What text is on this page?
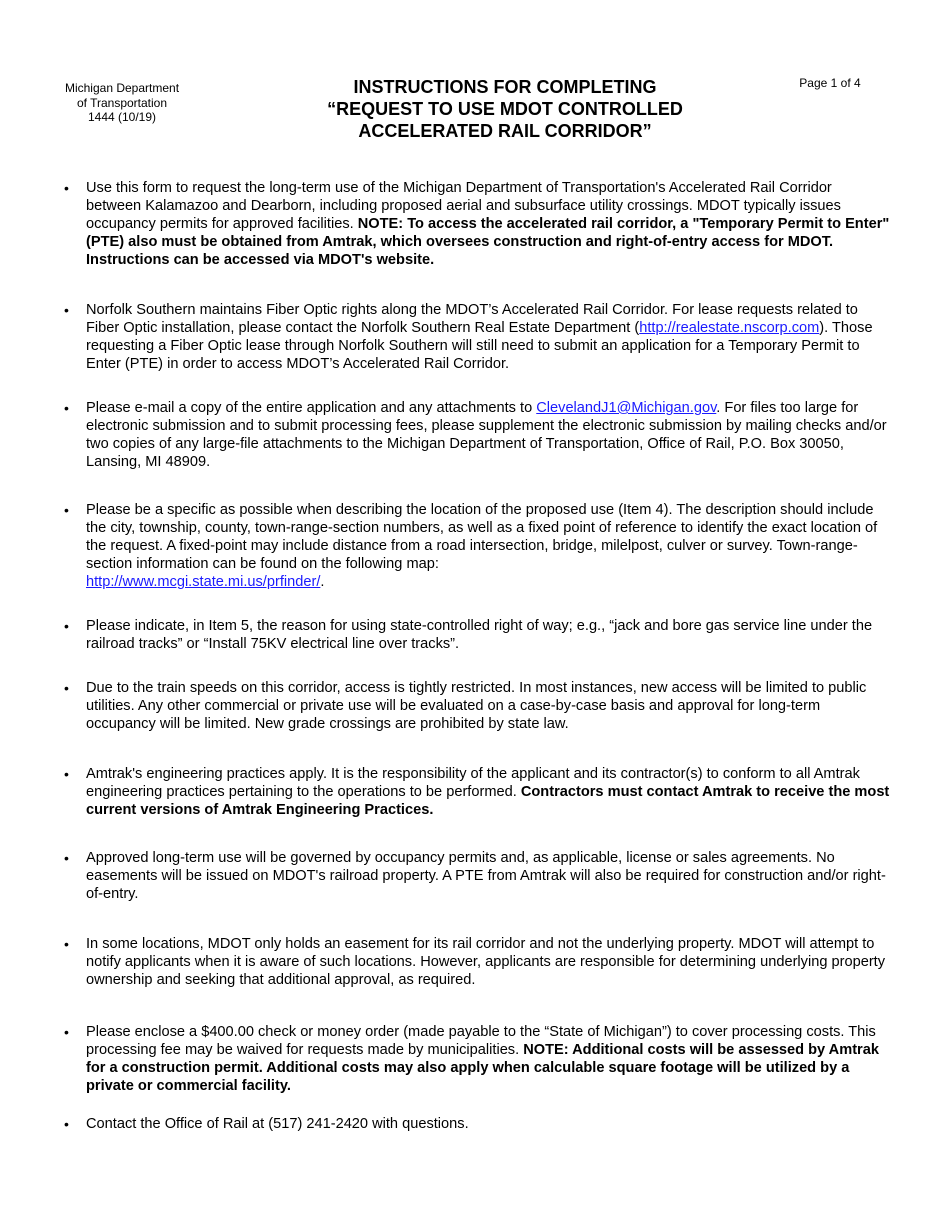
Michigan Department
of Transportation
1444 (10/19)
INSTRUCTIONS FOR COMPLETING
“REQUEST TO USE MDOT CONTROLLED
ACCELERATED RAIL CORRIDOR”
Page 1 of 4
•	Use this form to request the long-term use of the Michigan Department of Transportation's Accelerated Rail Corridor between Kalamazoo and Dearborn, including proposed aerial and subsurface utility crossings. MDOT typically issues occupancy permits for approved facilities. NOTE: To access the accelerated rail corridor, a "Temporary Permit to Enter" (PTE) also must be obtained from Amtrak, which oversees construction and right-of-entry access for MDOT. Instructions can be accessed via MDOT's website.
•	Norfolk Southern maintains Fiber Optic rights along the MDOT’s Accelerated Rail Corridor. For lease requests related to Fiber Optic installation, please contact the Norfolk Southern Real Estate Department (http://realestate.nscorp.com). Those requesting a Fiber Optic lease through Norfolk Southern will still need to submit an application for a Temporary Permit to Enter (PTE) in order to access MDOT’s Accelerated Rail Corridor.
•	Please e-mail a copy of the entire application and any attachments to ClevelandJ1@Michigan.gov. For files too large for electronic submission and to submit processing fees, please supplement the electronic submission by mailing checks and/or two copies of any large-file attachments to the Michigan Department of Transportation, Office of Rail, P.O. Box 30050, Lansing, MI 48909.
•	Please be a specific as possible when describing the location of the proposed use (Item 4). The description should include the city, township, county, town-range-section numbers, as well as a fixed point of reference to identify the exact location of the request. A fixed-point may include distance from a road intersection, bridge, milelpost, culver or survey. Town-range-section information can be found on the following map:
http://www.mcgi.state.mi.us/prfinder/.
•	Please indicate, in Item 5, the reason for using state-controlled right of way; e.g., “jack and bore gas service line under the railroad tracks” or “Install 75KV electrical line over tracks”.
•	Due to the train speeds on this corridor, access is tightly restricted. In most instances, new access will be limited to public utilities. Any other commercial or private use will be evaluated on a case-by-case basis and approval for long-term occupancy will be limited. New grade crossings are prohibited by state law.
•	Amtrak's engineering practices apply. It is the responsibility of the applicant and its contractor(s) to conform to all Amtrak engineering practices pertaining to the operations to be performed. Contractors must contact Amtrak to receive the most current versions of Amtrak Engineering Practices.
•	Approved long-term use will be governed by occupancy permits and, as applicable, license or sales agreements. No easements will be issued on MDOT's railroad property. A PTE from Amtrak will also be required for construction and/or right-of-entry.
•	In some locations, MDOT only holds an easement for its rail corridor and not the underlying property. MDOT will attempt to notify applicants when it is aware of such locations. However, applicants are responsible for determining underlying property ownership and seeking that additional approval, as required.
•	Please enclose a $400.00 check or money order (made payable to the “State of Michigan”) to cover processing costs. This processing fee may be waived for requests made by municipalities. NOTE: Additional costs will be assessed by Amtrak for a construction permit. Additional costs may also apply when calculable square footage will be utilized by a private or commercial facility.
•	Contact the Office of Rail at (517) 241-2420 with questions.
